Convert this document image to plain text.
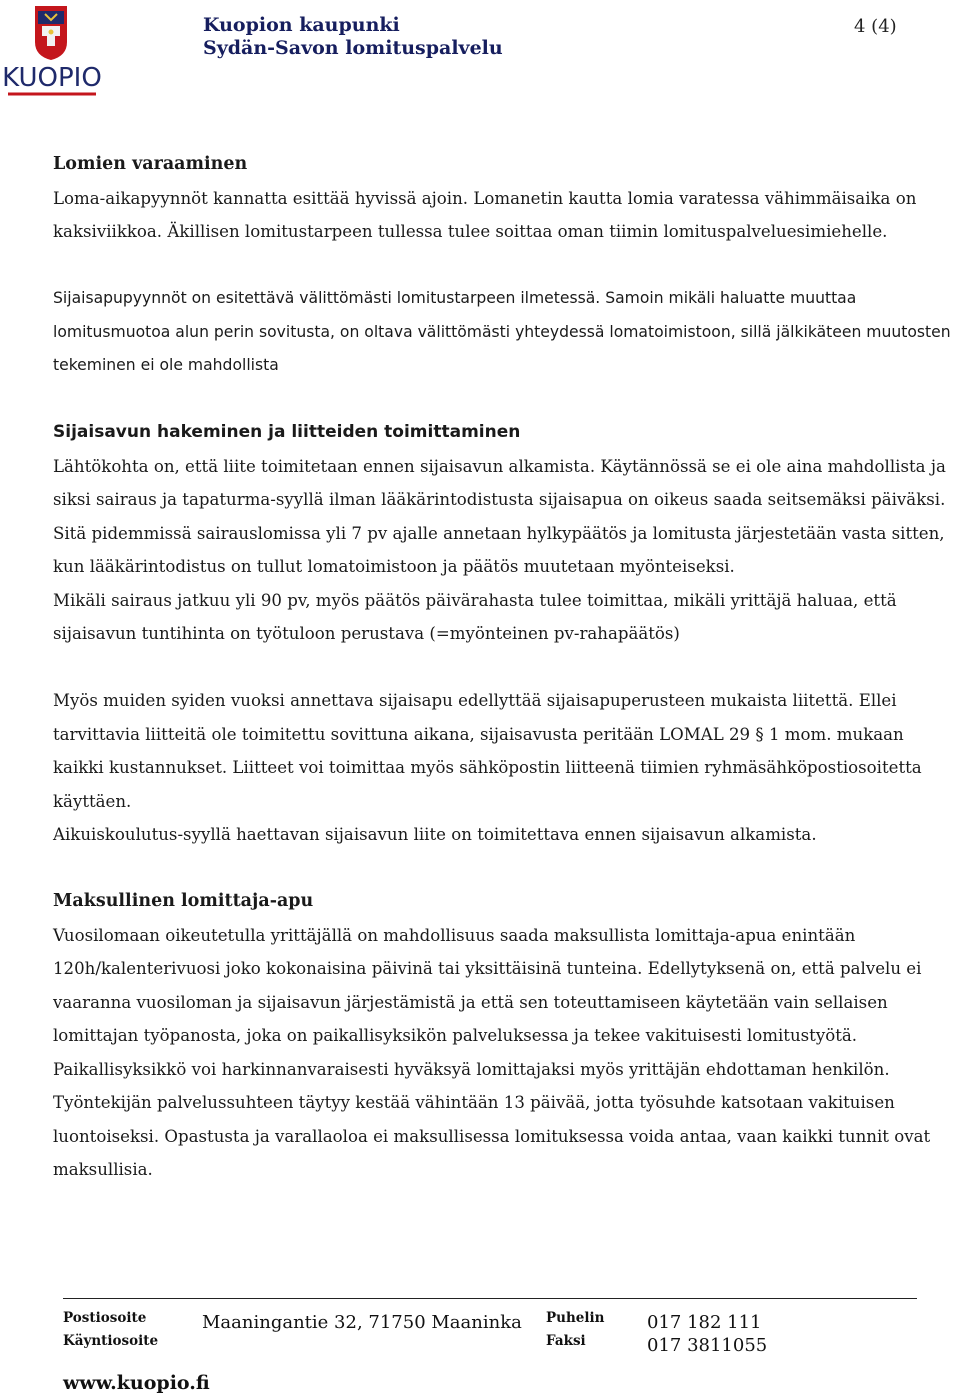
KUOPIO
Kuopion kaupunki
Sydän-Savon lomituspalvelu
4 (4)
Lomien varaaminen

Loma-aikapyynnöt kannatta esittää hyvissä ajoin. Lomanetin kautta lomia varatessa vähimmäisaika on kaksiviikkoa. Äkillisen lomitustarpeen tullessa tulee soittaa oman tiimin lomituspalveluesimiehelle.

Sijaisapupyynnöt on esitettävä välittömästi lomitustarpeen ilmetessä. Samoin mikäli haluatte muuttaa lomitusmuotoa alun perin sovitusta, on oltava välittömästi yhteydessä lomatoimistoon, sillä jälkikäteen muutosten tekeminen ei ole mahdollista

Sijaisavun hakeminen ja liitteiden toimittaminen

Lähtökohta on, että liite toimitetaan ennen sijaisavun alkamista. Käytännössä se ei ole aina mahdollista ja siksi sairaus ja tapaturma-syyllä ilman lääkärintodistusta sijaisapua on oikeus saada seitsemäksi päiväksi. Sitä pidemmissä sairauslomissa yli 7 pv ajalle annetaan hylkypäätös ja lomitusta järjestetään vasta sitten, kun lääkärintodistus on tullut lomatoimistoon ja päätös muutetaan myönteiseksi.

Mikäli sairaus jatkuu yli 90 pv, myös päätös päivärahasta tulee toimittaa, mikäli yrittäjä haluaa, että sijaisavun tuntihinta on työtuloon perustava (=myönteinen pv-rahapäätös)

Myös muiden syiden vuoksi annettava sijaisapu edellyttää sijaisapuperusteen mukaista liitettä. Ellei tarvittavia liitteitä ole toimitettu sovittuna aikana, sijaisavusta peritään LOMAL 29 § 1 mom. mukaan kaikki kustannukset. Liitteet voi toimittaa myös sähköpostin liitteenä tiimien ryhmäsähköpostiosoitetta käyttäen.

Aikuiskoulutus-syyllä haettavan sijaisavun liite on toimitettava ennen sijaisavun alkamista.

Maksullinen lomittaja-apu

Vuosilomaan oikeutetulla yrittäjällä on mahdollisuus saada maksullista lomittaja-apua enintään 120h/kalenterivuosi joko kokonaisina päivinä tai yksittäisinä tunteina. Edellytyksenä on, että palvelu ei vaaranna vuosiloman ja sijaisavun järjestämistä ja että sen toteuttamiseen käytetään vain sellaisen lomittajan työpanosta, joka on paikallisyksikön palveluksessa ja tekee vakituisesti lomitustyötä. Paikallisyksikkö voi harkinnanvaraisesti hyväksyä lomittajaksi myös yrittäjän ehdottaman henkilön. Työntekijän palvelussuhteen täytyy kestää vähintään 13 päivää, jotta työsuhde katsotaan vakituisen luontoiseksi. Opastusta ja varallaoloa ei maksullisessa lomituksessa voida antaa, vaan kaikki tunnit ovat maksullisia.

Postiosoite
Käyntiosoite
Maaningantie 32, 71750 Maaninka Puhelin
Faksi
017 182 111
017 3811055
www.kuopio.fi
